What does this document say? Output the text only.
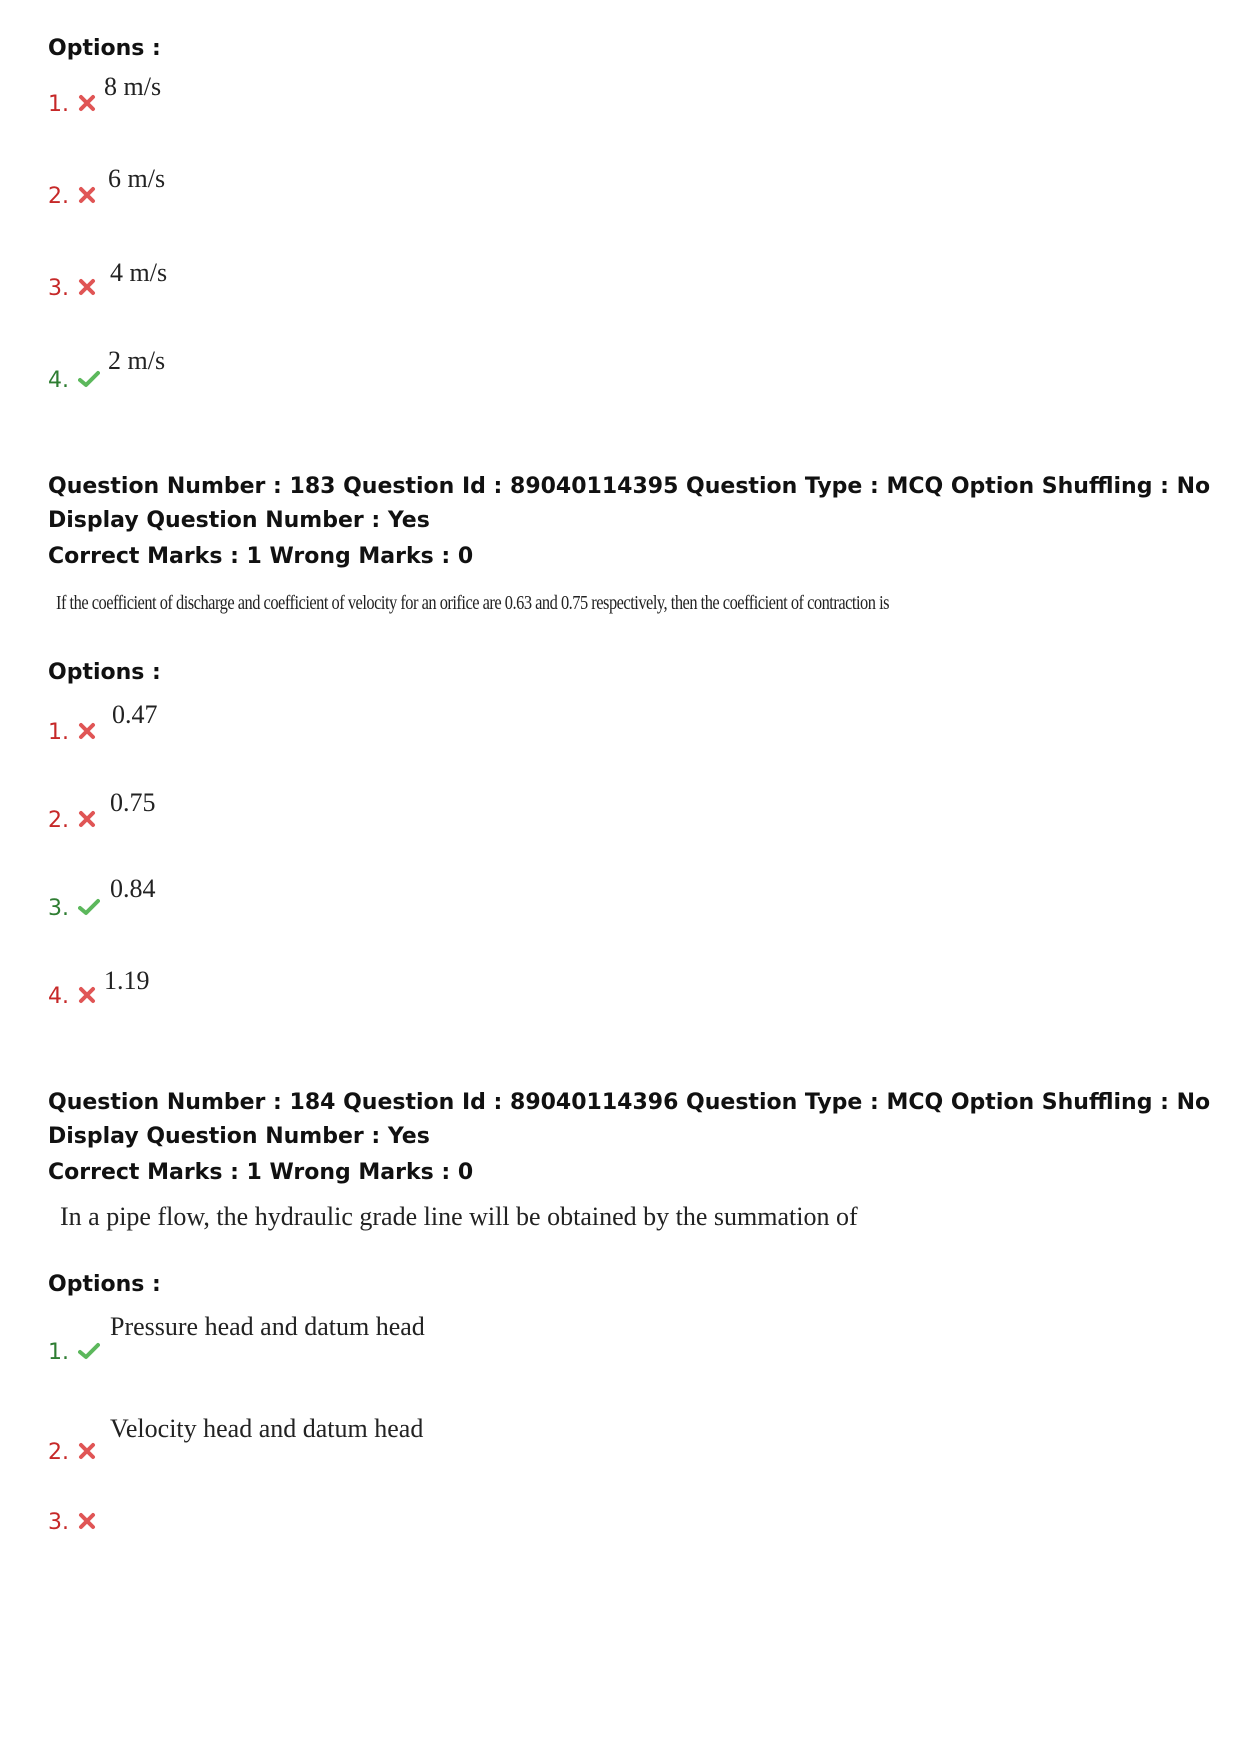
Options :
1.
8 m/s
2.
6 m/s
3.
4 m/s
4.
2 m/s
Question Number : 183 Question Id : 89040114395 Question Type : MCQ Option Shuffling : No
Display Question Number : Yes
Correct Marks : 1 Wrong Marks : 0
If the coefficient of discharge and coefficient of velocity for an orifice are 0.63 and 0.75 respectively, then the coefficient of contraction is
Options :
1.
0.47
2.
0.75
3.
0.84
4.
1.19
Question Number : 184 Question Id : 89040114396 Question Type : MCQ Option Shuffling : No
Display Question Number : Yes
Correct Marks : 1 Wrong Marks : 0
In a pipe flow, the hydraulic grade line will be obtained by the summation of
Options :
1.
Pressure head and datum head
2.
Velocity head and datum head
3.
